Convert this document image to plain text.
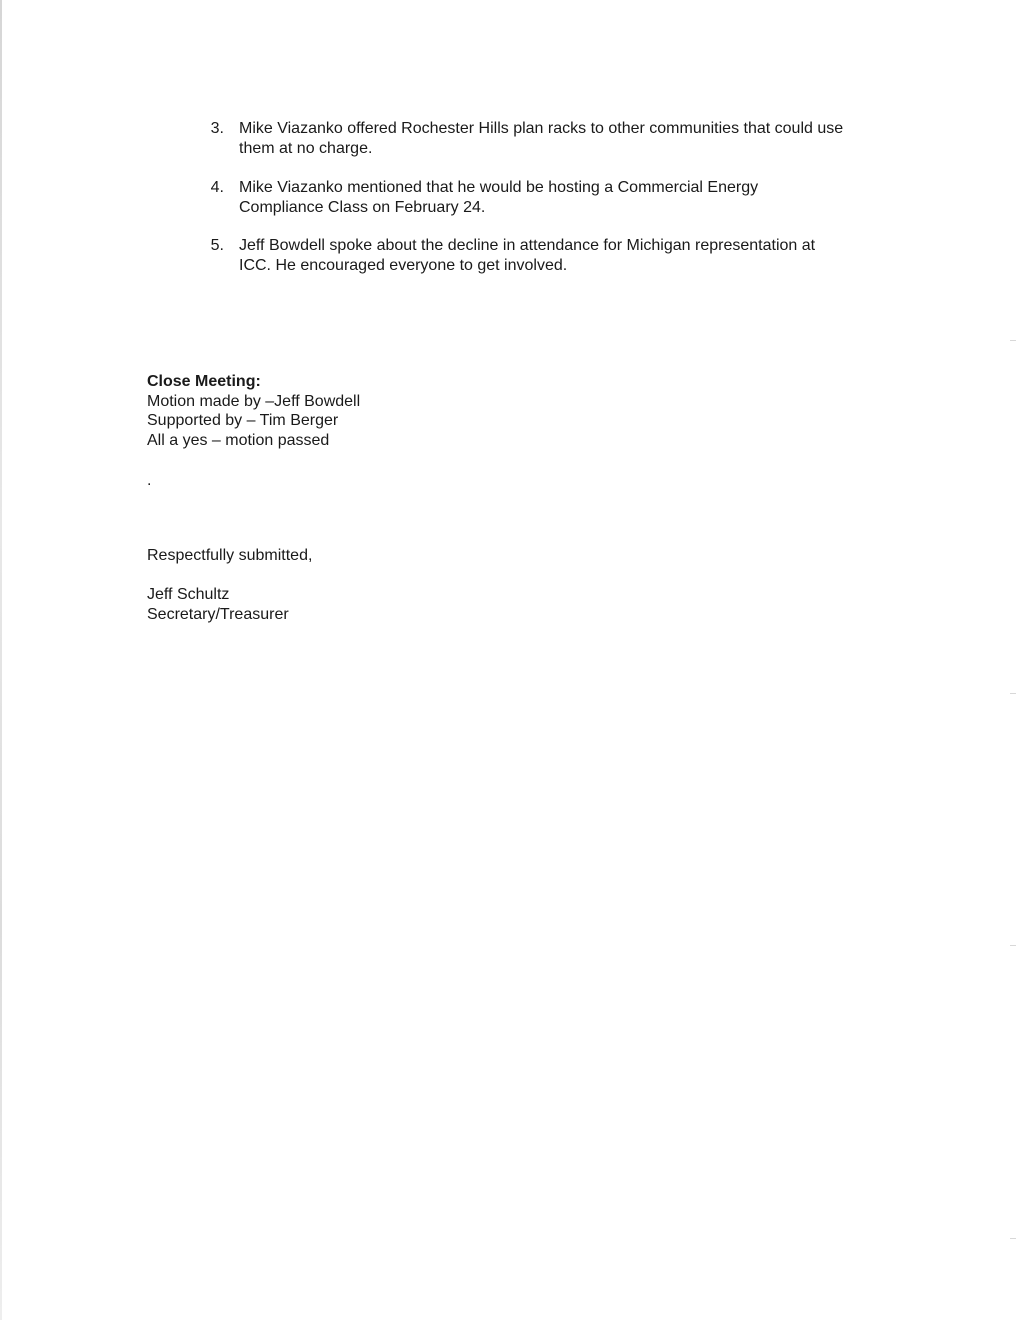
3. Mike Viazanko offered Rochester Hills plan racks to other communities that could use
them at no charge.
4. Mike Viazanko mentioned that he would be hosting a Commercial Energy
Compliance Class on February 24.
5. Jeff Bowdell spoke about the decline in attendance for Michigan representation at
ICC. He encouraged everyone to get involved.
Close Meeting:
Motion made by –Jeff Bowdell
Supported by – Tim Berger
All a yes – motion passed
.
Respectfully submitted,
Jeff Schultz
Secretary/Treasurer
